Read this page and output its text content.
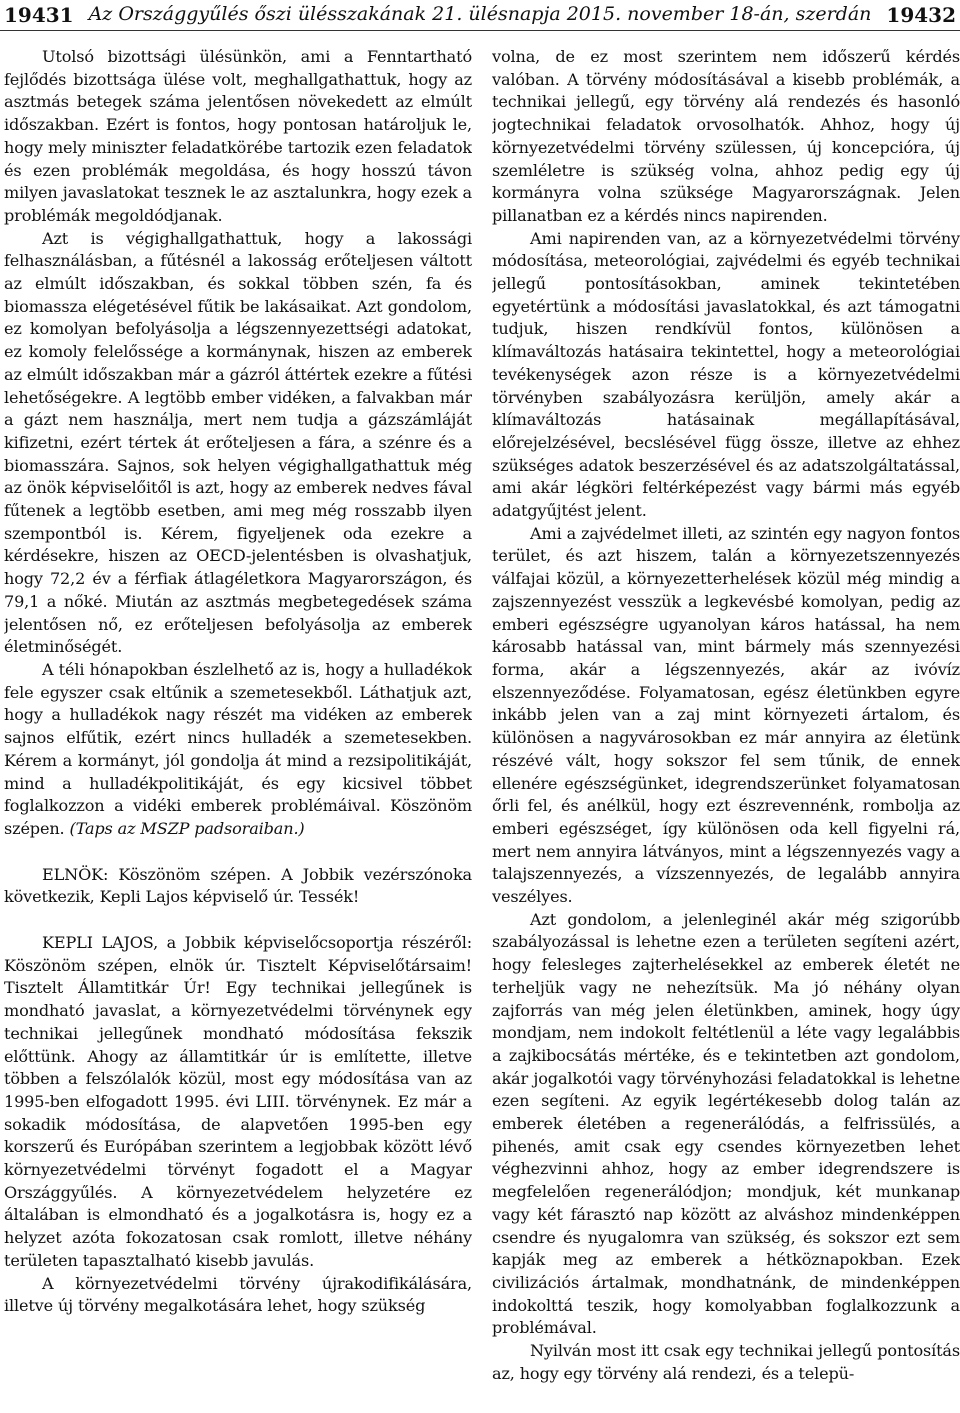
19431 Az Országgyűlés őszi ülésszakának 21. ülésnapja 2015. november 18-án, szerdán 19432

Utolsó bizottsági ülésünkön, ami a Fenntartható fejlődés bizottsága ülése volt, meghallgathattuk, hogy az asztmás betegek száma jelentősen növekedett az elmúlt időszakban. Ezért is fontos, hogy pontosan határoljuk le, hogy mely miniszter feladatkörébe tartozik ezen feladatok és ezen problémák megoldása, és hogy hosszú távon milyen javaslatokat tesznek le az asztalunkra, hogy ezek a problémák megoldódjanak.

Azt is végighallgathattuk, hogy a lakossági felhasználásban, a fűtésnél a lakosság erőteljesen váltott az elmúlt időszakban, és sokkal többen szén, fa és biomassza elégetésével fűtik be lakásaikat. Azt gondolom, ez komolyan befolyásolja a légszennyezettségi adatokat, ez komoly felelőssége a kormánynak, hiszen az emberek az elmúlt időszakban már a gázról áttértek ezekre a fűtési lehetőségekre. A legtöbb ember vidéken, a falvakban már a gázt nem használja, mert nem tudja a gázszámláját kifizetni, ezért tértek át erőteljesen a fára, a szénre és a biomasszára. Sajnos, sok helyen végighallgathattuk még az önök képviselőitől is azt, hogy az emberek nedves fával fűtenek a legtöbb esetben, ami meg még rosszabb ilyen szempontból is. Kérem, figyeljenek oda ezekre a kérdésekre, hiszen az OECD-jelentésben is olvashatjuk, hogy 72,2 év a férfiak átlagéletkora Magyarországon, és 79,1 a nőké. Miután az asztmás megbetegedések száma jelentősen nő, ez erőteljesen befolyásolja az emberek életminőségét.

A téli hónapokban észlelhető az is, hogy a hulladékok fele egyszer csak eltűnik a szemetesekből. Láthatjuk azt, hogy a hulladékok nagy részét ma vidéken az emberek sajnos elfűtik, ezért nincs hulladék a szemetesekben. Kérem a kormányt, jól gondolja át mind a rezsipolitikáját, mind a hulladékpolitikáját, és egy kicsivel többet foglalkozzon a vidéki emberek problémáival. Köszönöm szépen. (Taps az MSZP padsoraiban.)

ELNÖK: Köszönöm szépen. A Jobbik vezérszónoka következik, Kepli Lajos képviselő úr. Tessék!

KEPLI LAJOS, a Jobbik képviselőcsoportja részéről: Köszönöm szépen, elnök úr. Tisztelt Képviselőtársaim! Tisztelt Államtitkár Úr! Egy technikai jellegűnek is mondható javaslat, a környezetvédelmi törvénynek egy technikai jellegűnek mondható módosítása fekszik előttünk. Ahogy az államtitkár úr is említette, illetve többen a felszólalók közül, most egy módosítása van az 1995-ben elfogadott 1995. évi LIII. törvénynek. Ez már a sokadik módosítása, de alapvetően 1995-ben egy korszerű és Európában szerintem a legjobbak között lévő környezetvédelmi törvényt fogadott el a Magyar Országgyűlés. A környezetvédelem helyzetére ez általában is elmondható és a jogalkotásra is, hogy ez a helyzet azóta fokozatosan csak romlott, illetve néhány területen tapasztalható kisebb javulás.

A környezetvédelmi törvény újrakodifikálására, illetve új törvény megalkotására lehet, hogy szükség

volna, de ez most szerintem nem időszerű kérdés valóban. A törvény módosításával a kisebb problémák, a technikai jellegű, egy törvény alá rendezés és hasonló jogtechnikai feladatok orvosolhatók. Ahhoz, hogy új környezetvédelmi törvény szülessen, új koncepcióra, új szemléletre is szükség volna, ahhoz pedig egy új kormányra volna szüksége Magyarországnak. Jelen pillanatban ez a kérdés nincs napirenden.

Ami napirenden van, az a környezetvédelmi törvény módosítása, meteorológiai, zajvédelmi és egyéb technikai jellegű pontosításokban, aminek tekintetében egyetértünk a módosítási javaslatokkal, és azt támogatni tudjuk, hiszen rendkívül fontos, különösen a klímaváltozás hatásaira tekintettel, hogy a meteorológiai tevékenységek azon része is a környezetvédelmi törvényben szabályozásra kerüljön, amely akár a klímaváltozás hatásainak megállapításával, előrejelzésével, becslésével függ össze, illetve az ehhez szükséges adatok beszerzésével és az adatszolgáltatással, ami akár légköri feltérképezést vagy bármi más egyéb adatgyűjtést jelent.

Ami a zajvédelmet illeti, az szintén egy nagyon fontos terület, és azt hiszem, talán a környezetszennyezés válfajai közül, a környezetterhelések közül még mindig a zajszennyezést vesszük a legkevésbé komolyan, pedig az emberi egészségre ugyanolyan káros hatással, ha nem károsabb hatással van, mint bármely más szennyezési forma, akár a légszennyezés, akár az ivóvíz elszennyeződése. Folyamatosan, egész életünkben egyre inkább jelen van a zaj mint környezeti ártalom, és különösen a nagyvárosokban ez már annyira az életünk részévé vált, hogy sokszor fel sem tűnik, de ennek ellenére egészségünket, idegrendszerünket folyamatosan őrli fel, és anélkül, hogy ezt észrevennénk, rombolja az emberi egészséget, így különösen oda kell figyelni rá, mert nem annyira látványos, mint a légszennyezés vagy a talajszennyezés, a vízszennyezés, de legalább annyira veszélyes.

Azt gondolom, a jelenleginél akár még szigorúbb szabályozással is lehetne ezen a területen segíteni azért, hogy felesleges zajterhelésekkel az emberek életét ne terheljük vagy ne nehezítsük. Ma jó néhány olyan zajforrás van még jelen életünkben, aminek, hogy úgy mondjam, nem indokolt feltétlenül a léte vagy legalábbis a zajkibocsátás mértéke, és e tekintetben azt gondolom, akár jogalkotói vagy törvényhozási feladatokkal is lehetne ezen segíteni. Az egyik legértékesebb dolog talán az emberek életében a regenerálódás, a felfrissülés, a pihenés, amit csak egy csendes környezetben lehet véghezvinni ahhoz, hogy az ember idegrendszere is megfelelően regenerálódjon; mondjuk, két munkanap vagy két fárasztó nap között az alváshoz mindenképpen csendre és nyugalomra van szükség, és sokszor ezt sem kapják meg az emberek a hétköznapokban. Ezek civilizációs ártalmak, mondhatnánk, de mindenképpen indokolttá teszik, hogy komolyabban foglalkozzunk a problémával.

Nyilván most itt csak egy technikai jellegű pontosítás az, hogy egy törvény alá rendezi, és a telepü-
